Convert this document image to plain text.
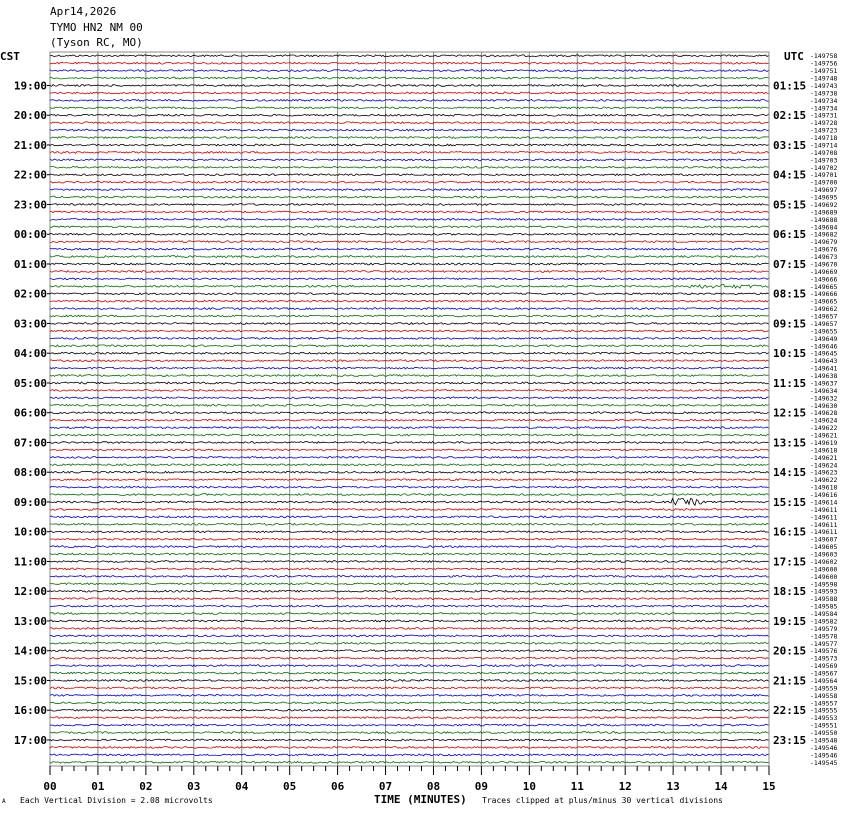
Apr14,2026
TYMO HN2 NM 00
(Tyson RC, MO)
19:00
20:00
21:00
22:00
23:00
00:00
01:00
02:00
03:00
04:00
05:00
06:00
07:00
08:00
09:00
10:00
11:00
12:00
13:00
14:00
15:00
16:00
17:00
01:15
02:15
03:15
04:15
05:15
06:15
07:15
08:15
09:15
10:15
11:15
12:15
13:15
14:15
15:15
16:15
17:15
18:15
19:15
20:15
21:15
22:15
23:15
-149758
-149756
-149751
-149748
-149743
-149738
-149734
-149734
-149731
-149728
-149723
-149718
-149714
-149708
-149703
-149702
-149701
-149700
-149697
-149695
-149692
-149689
-149688
-149684
-149682
-149679
-149676
-149673
-149670
-149669
-149666
-149665
-149666
-149665
-149662
-149657
-149657
-149655
-149649
-149646
-149645
-149643
-149641
-149638
-149637
-149634
-149632
-149630
-149628
-149624
-149622
-149621
-149619
-149618
-149621
-149624
-149623
-149622
-149618
-149616
-149614
-149611
-149611
-149611
-149611
-149607
-149605
-149603
-149602
-149600
-149600
-149598
-149593
-149588
-149585
-149584
-149582
-149579
-149578
-149577
-149576
-149573
-149569
-149567
-149564
-149559
-149558
-149557
-149555
-149553
-149551
-149550
-149548
-149546
-149546
-149545
00	01	02	03	04	05	06	07	08	09	10	11	12	13	14	15
CST	UTC
A Each Vertical Division = 2.08 microvolts	TIME (MINUTES) Traces clipped at plus/minus 30 vertical divisions
